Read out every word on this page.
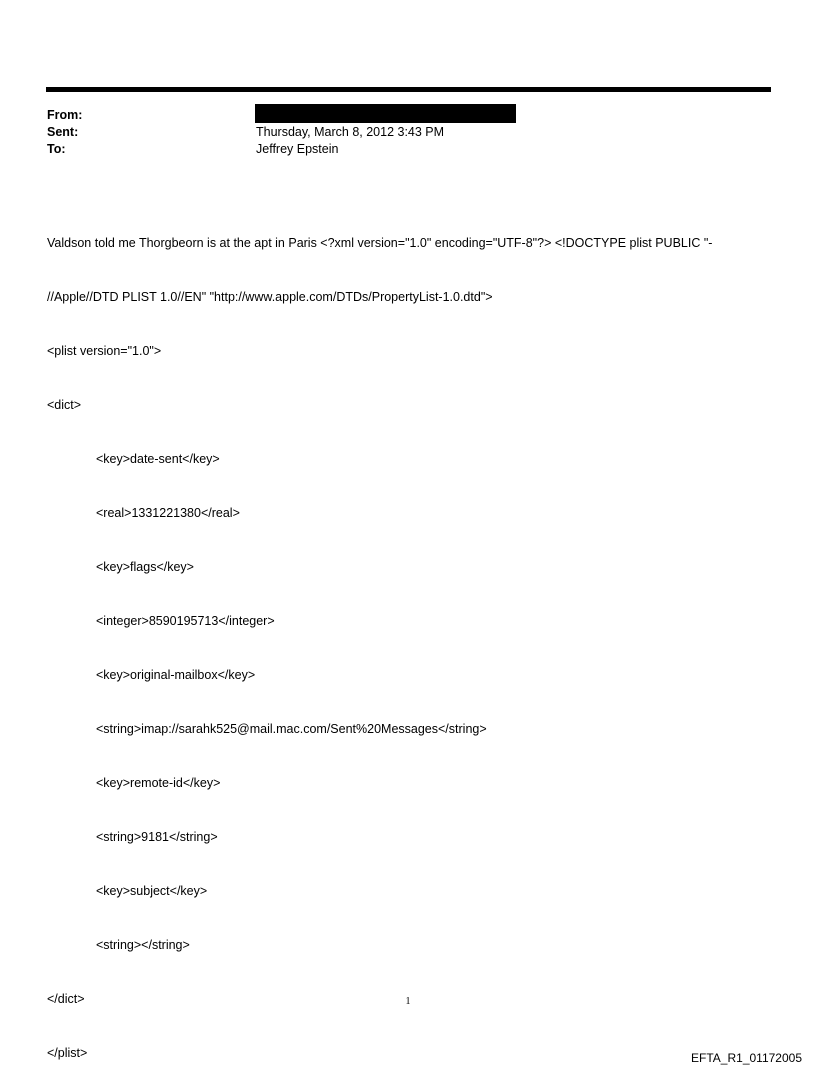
From:
Sent:	Thursday, March 8, 2012 3:43 PM
To:	Jeffrey Epstein

Valdson told me Thorgbeorn is at the apt in Paris <?xml version="1.0" encoding="UTF-8"?> <!DOCTYPE plist PUBLIC "-

//Apple//DTD PLIST 1.0//EN" "http://www.apple.com/DTDs/PropertyList-1.0.dtd">

<plist version="1.0">

<dict>

<key>date-sent</key>

<real>1331221380</real>

<key>flags</key>

<integer>8590195713</integer>

<key>original-mailbox</key>

<string>imap://sarahk525@mail.mac.com/Sent%20Messages</string>

<key>remote-id</key>

<string>9181</string>

<key>subject</key>

<string></string>

</dict>

</plist>

1
EFTA_R1_01172005
